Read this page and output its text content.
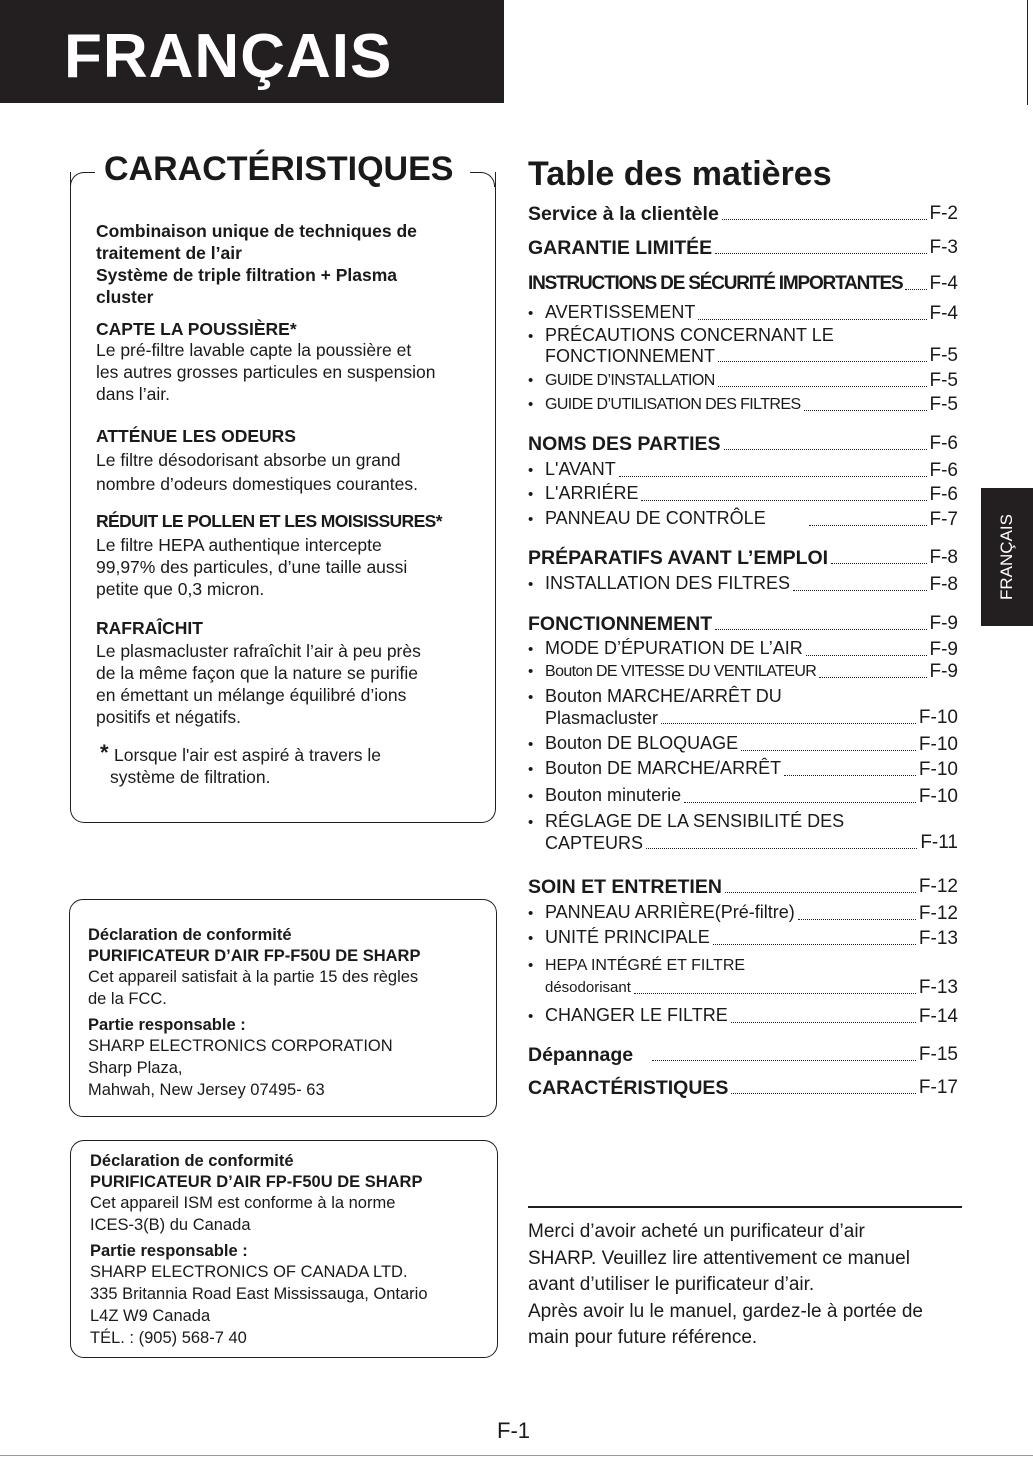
FRANÇAIS
FRANÇAIS
CARACTÉRISTIQUES
Combinaison unique de techniques de
traitement de l’air
Système de triple filtration + Plasma
cluster
CAPTE LA POUSSIÈRE*
Le pré-filtre lavable capte la poussière et
les autres grosses particules en suspension
dans l’air.
ATTÉNUE LES ODEURS
Le filtre désodorisant absorbe un grand
nombre d’odeurs domestiques courantes.
RÉDUIT LE POLLEN ET LES MOISISSURES*
Le filtre HEPA authentique intercepte
99,97% des particules, d’une taille aussi
petite que 0,3 micron.
RAFRAÎCHIT
Le plasmacluster rafraîchit l’air à peu près
de la même façon que la nature se purifie
en émettant un mélange équilibré d’ions
positifs et négatifs.
* Lorsque l'air est aspiré à travers le
système de filtration.
Déclaration de conformité
PURIFICATEUR D’AIR FP-F50U DE SHARP
Cet appareil satisfait à la partie 15 des règles
de la FCC.
Partie responsable :
SHARP ELECTRONICS CORPORATION
Sharp Plaza,
Mahwah, New Jersey 07495- 63
Déclaration de conformité
PURIFICATEUR D’AIR FP-F50U DE SHARP
Cet appareil ISM est conforme à la norme
ICES-3(B) du Canada
Partie responsable :
SHARP ELECTRONICS OF CANADA LTD.
335 Britannia Road East Mississauga, Ontario
L4Z W9 Canada
TÉL. : (905) 568-7 40
Table des matières
Service à la clientèle	F-2
GARANTIE LIMITÉE	F-3
INSTRUCTIONS DE SÉCURITÉ IMPORTANTES F-4
• AVERTISSEMENT	F-4
• PRÉCAUTIONS CONCERNANT LE
FONCTIONNEMENT	F-5
• GUIDE D’INSTALLATION	F-5
• GUIDE D’UTILISATION DES FILTRES	F-5
NOMS DES PARTIES	F-6
• L'AVANT	F-6
• L'ARRIÉRE	F-6
• PANNEAU DE CONTRÔLE	F-7
PRÉPARATIFS AVANT L’EMPLOI	F-8
• INSTALLATION DES FILTRES	F-8
FONCTIONNEMENT	F-9
• MODE D’ÉPURATION DE L’AIR	F-9
• Bouton DE VITESSE DU VENTILATEUR	F-9
• Bouton MARCHE/ARRÊT DU
Plasmacluster	F-10
• Bouton DE BLOQUAGE	F-10
• Bouton DE MARCHE/ARRÊT	F-10
• Bouton minuterie	F-10
• RÉGLAGE DE LA SENSIBILITÉ DES
CAPTEURS	F-11
SOIN ET ENTRETIEN	F-12
• PANNEAU ARRIÈRE(Pré-filtre)	F-12
• UNITÉ PRINCIPALE	F-13
• HEPA INTÉGRÉ ET FILTRE
désodorisant	F-13
• CHANGER LE FILTRE	F-14
Dépannage	F-15
CARACTÉRISTIQUES	F-17
Merci d’avoir acheté un purificateur d’air
SHARP. Veuillez lire attentivement ce manuel
avant d’utiliser le purificateur d’air.
Après avoir lu le manuel, gardez-le à portée de
main pour future référence.
F-1
